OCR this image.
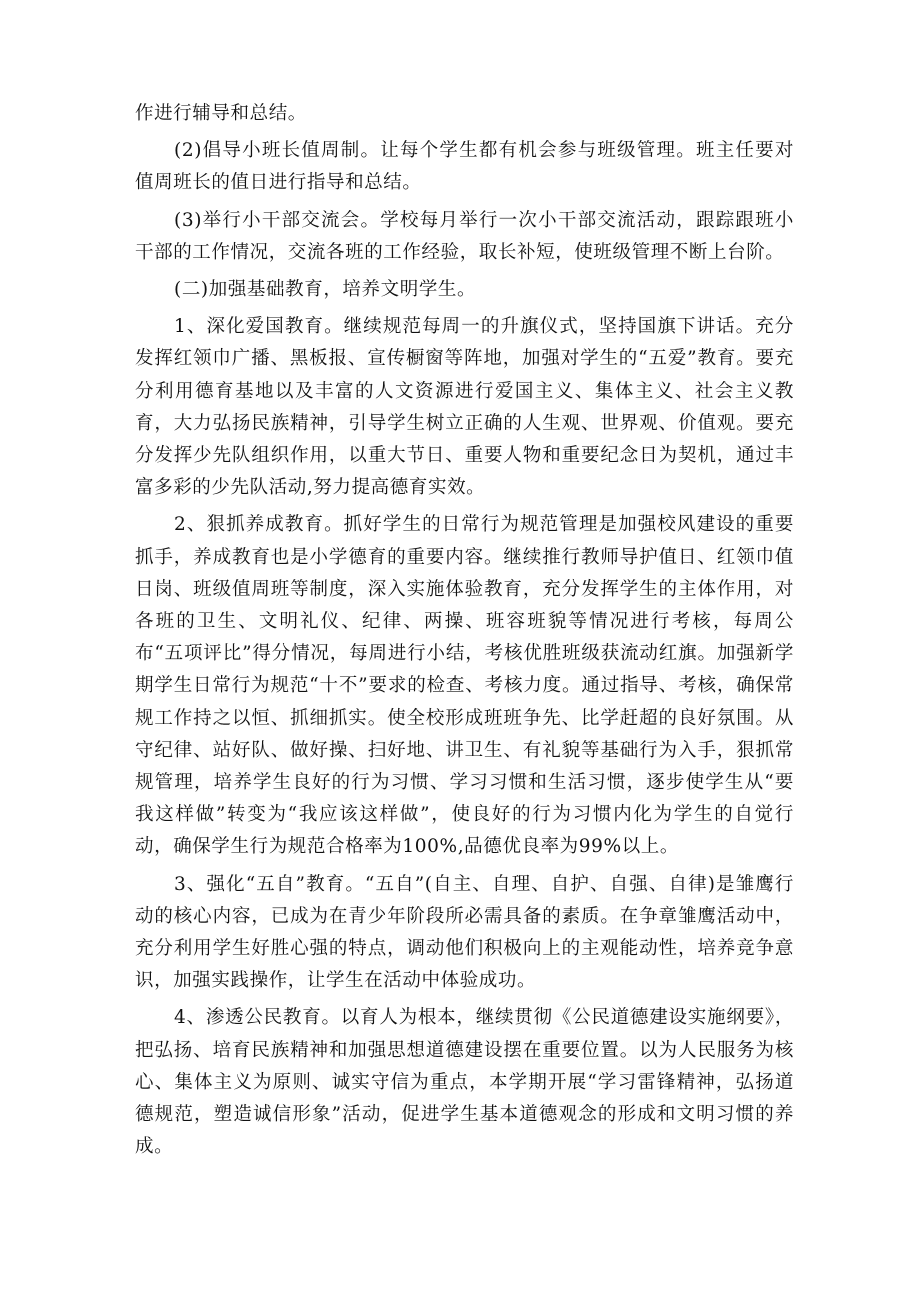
作进行辅导和总结。

(2)倡导小班长值周制。让每个学生都有机会参与班级管理。班主任要对值周班长的值日进行指导和总结。

(3)举行小干部交流会。学校每月举行一次小干部交流活动，跟踪跟班小干部的工作情况，交流各班的工作经验，取长补短，使班级管理不断上台阶。

(二)加强基础教育，培养文明学生。

1、深化爱国教育。继续规范每周一的升旗仪式，坚持国旗下讲话。充分发挥红领巾广播、黑板报、宣传橱窗等阵地，加强对学生的“五爱”教育。要充分利用德育基地以及丰富的人文资源进行爱国主义、集体主义、社会主义教育，大力弘扬民族精神，引导学生树立正确的人生观、世界观、价值观。要充分发挥少先队组织作用，以重大节日、重要人物和重要纪念日为契机，通过丰富多彩的少先队活动,努力提高德育实效。

2、狠抓养成教育。抓好学生的日常行为规范管理是加强校风建设的重要抓手，养成教育也是小学德育的重要内容。继续推行教师导护值日、红领巾值日岗、班级值周班等制度，深入实施体验教育，充分发挥学生的主体作用，对各班的卫生、文明礼仪、纪律、两操、班容班貌等情况进行考核，每周公布“五项评比”得分情况，每周进行小结，考核优胜班级获流动红旗。加强新学期学生日常行为规范“十不”要求的检查、考核力度。通过指导、考核，确保常规工作持之以恒、抓细抓实。使全校形成班班争先、比学赶超的良好氛围。从守纪律、站好队、做好操、扫好地、讲卫生、有礼貌等基础行为入手，狠抓常规管理，培养学生良好的行为习惯、学习习惯和生活习惯，逐步使学生从“要我这样做”转变为“我应该这样做”，使良好的行为习惯内化为学生的自觉行动，确保学生行为规范合格率为100%,品德优良率为99%以上。

3、强化“五自”教育。“五自”(自主、自理、自护、自强、自律)是雏鹰行动的核心内容，已成为在青少年阶段所必需具备的素质。在争章雏鹰活动中，充分利用学生好胜心强的特点，调动他们积极向上的主观能动性，培养竞争意识，加强实践操作，让学生在活动中体验成功。

4、渗透公民教育。以育人为根本，继续贯彻《公民道德建设实施纲要》，把弘扬、培育民族精神和加强思想道德建设摆在重要位置。以为人民服务为核心、集体主义为原则、诚实守信为重点，本学期开展“学习雷锋精神，弘扬道德规范，塑造诚信形象”活动，促进学生基本道德观念的形成和文明习惯的养成。
